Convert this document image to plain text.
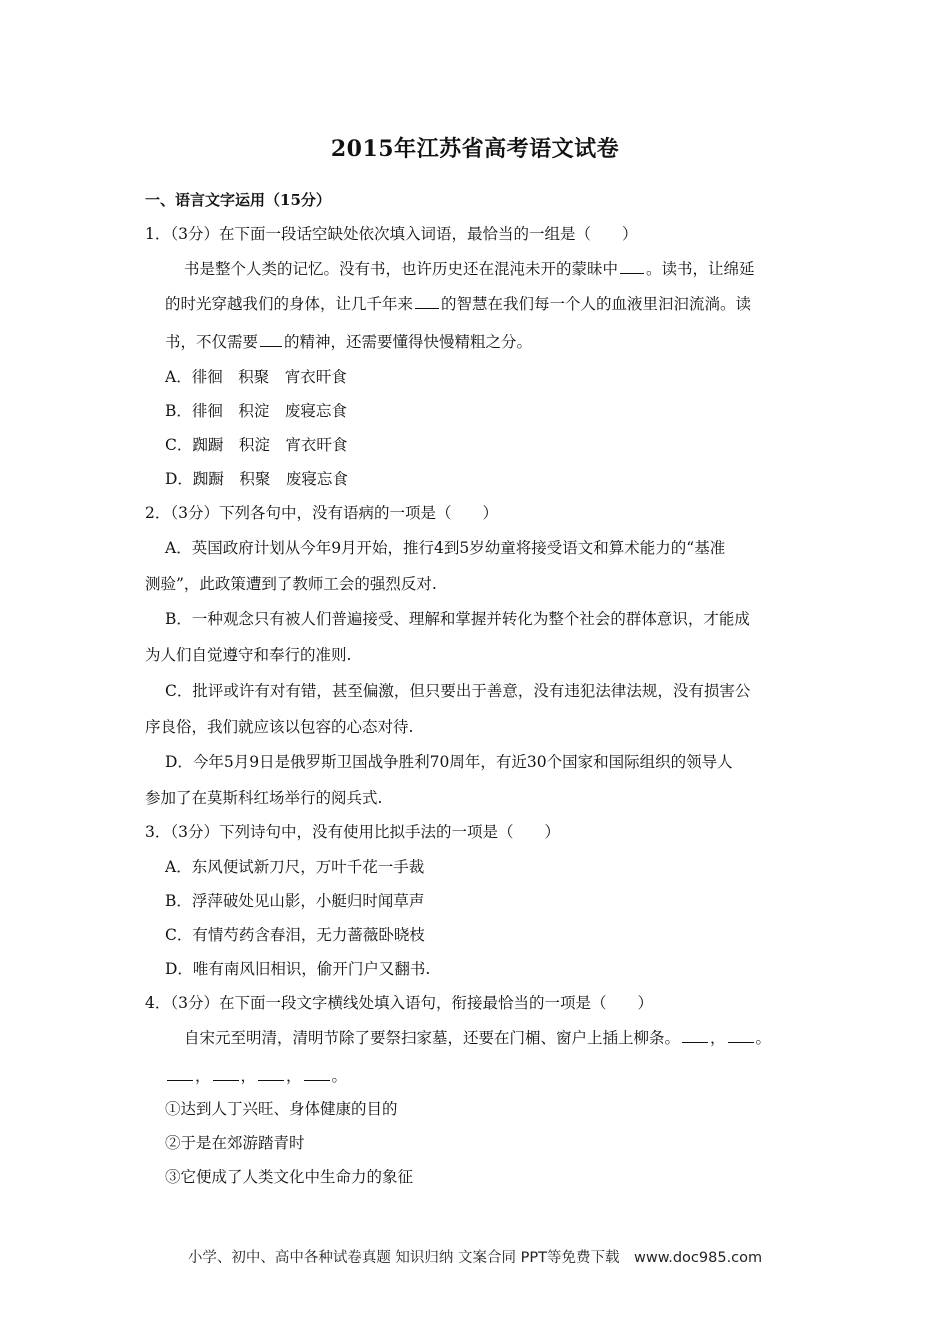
2015年江苏省高考语文试卷
一、语言文字运用（15分）
1．（3分）在下面一段话空缺处依次填入词语，最恰当的一组是（　　）
书是整个人类的记忆。没有书，也许历史还在混沌未开的蒙昧中 。读书，让绵延
的时光穿越我们的身体，让几千年来 的智慧在我们每一个人的血液里汩汩流淌。读
书，不仅需要 的精神，还需要懂得快慢精粗之分。
A．徘徊　积聚　宵衣旰食
B．徘徊　积淀　废寝忘食
C．踟蹰　积淀　宵衣旰食
D．踟蹰　积聚　废寝忘食
2．（3分）下列各句中，没有语病的一项是（　　）
A．英国政府计划从今年9月开始，推行4到5岁幼童将接受语文和算术能力的“基准
测验”，此政策遭到了教师工会的强烈反对.
B．一种观念只有被人们普遍接受、理解和掌握并转化为整个社会的群体意识，才能成
为人们自觉遵守和奉行的准则.
C．批评或许有对有错，甚至偏激，但只要出于善意，没有违犯法律法规，没有损害公
序良俗，我们就应该以包容的心态对待.
D．今年5月9日是俄罗斯卫国战争胜利70周年，有近30个国家和国际组织的领导人
参加了在莫斯科红场举行的阅兵式.
3．（3分）下列诗句中，没有使用比拟手法的一项是（　　）
A．东风便试新刀尺，万叶千花一手裁
B．浮萍破处见山影，小艇归时闻草声
C．有情芍药含春泪，无力蔷薇卧晓枝
D．唯有南风旧相识，偷开门户又翻书.
4．（3分）在下面一段文字横线处填入语句，衔接最恰当的一项是（　　）
自宋元至明清，清明节除了要祭扫家墓，还要在门楣、窗户上插上柳条。 ， 。
， ， ， 。
①达到人丁兴旺、身体健康的目的
②于是在郊游踏青时
③它便成了人类文化中生命力的象征
小学、初中、高中各种试卷真题 知识归纳 文案合同 PPT等免费下载　www.doc985.com
